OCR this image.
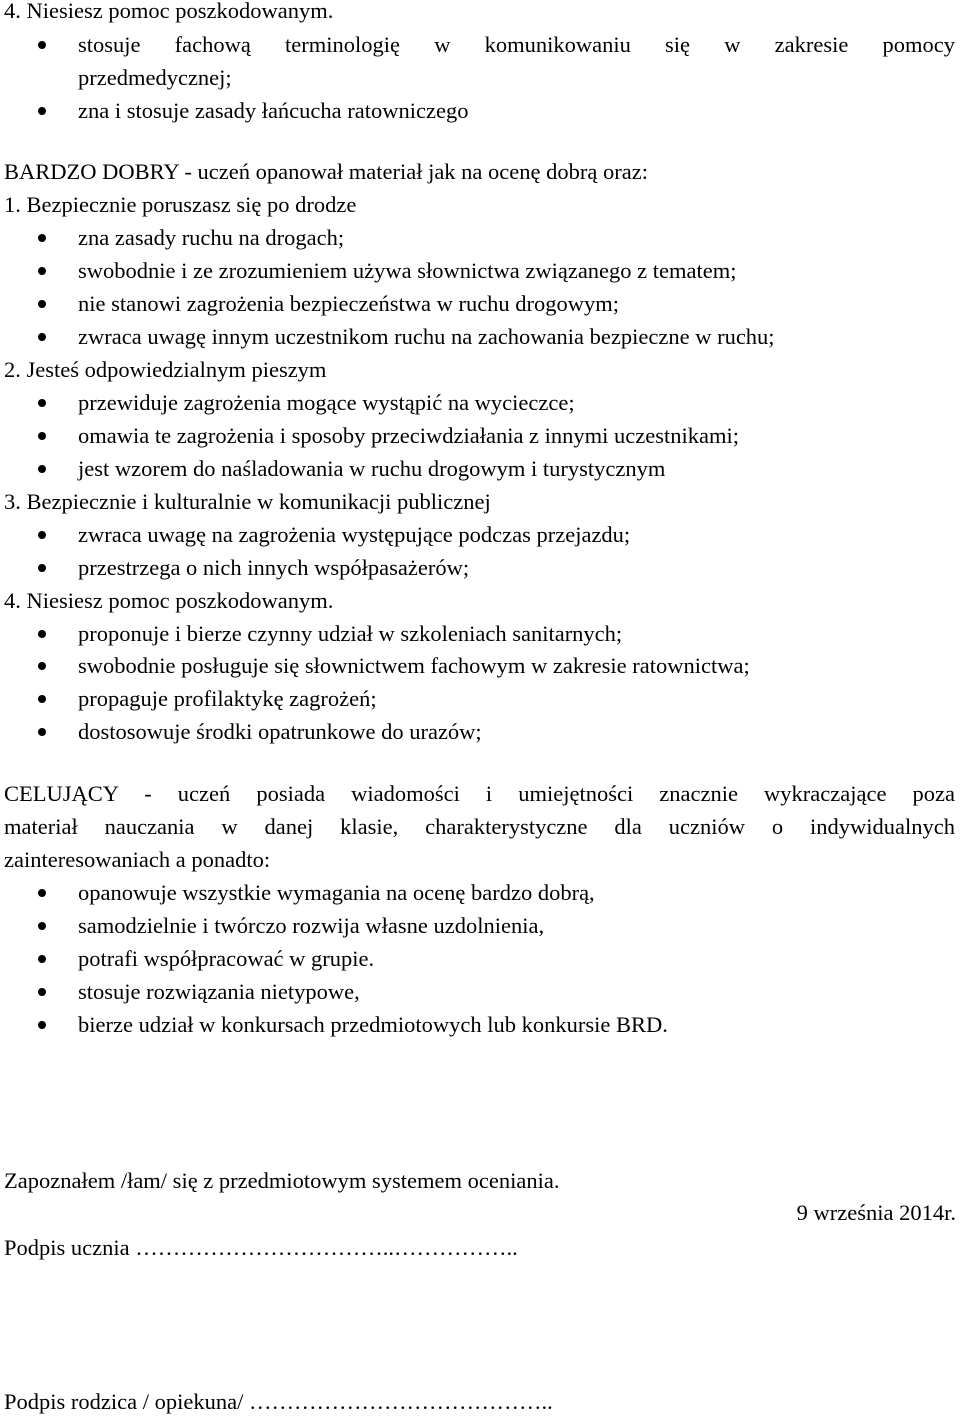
4. Niesiesz pomoc poszkodowanym.
stosuje fachową terminologię w komunikowaniu się w zakresie pomocy
przedmedycznej;
zna i stosuje zasady łańcucha ratowniczego
BARDZO DOBRY - uczeń opanował materiał jak na ocenę dobrą oraz:
1. Bezpiecznie poruszasz się po drodze
zna zasady ruchu na drogach;
swobodnie i ze zrozumieniem używa słownictwa związanego z tematem;
nie stanowi zagrożenia bezpieczeństwa w ruchu drogowym;
zwraca uwagę innym uczestnikom ruchu na zachowania bezpieczne w ruchu;
2. Jesteś odpowiedzialnym pieszym
przewiduje zagrożenia mogące wystąpić na wycieczce;
omawia te zagrożenia i sposoby przeciwdziałania z innymi uczestnikami;
jest wzorem do naśladowania w ruchu drogowym i turystycznym
3. Bezpiecznie i kulturalnie w komunikacji publicznej
zwraca uwagę na zagrożenia występujące podczas przejazdu;
przestrzega o nich innych współpasażerów;
4. Niesiesz pomoc poszkodowanym.
proponuje i bierze czynny udział w szkoleniach sanitarnych;
swobodnie posługuje się słownictwem fachowym w zakresie ratownictwa;
propaguje profilaktykę zagrożeń;
dostosowuje środki opatrunkowe do urazów;
CELUJĄCY - uczeń posiada wiadomości i umiejętności znacznie wykraczające poza
materiał nauczania w danej klasie, charakterystyczne dla uczniów o indywidualnych
zainteresowaniach a ponadto:
opanowuje wszystkie wymagania na ocenę bardzo dobrą,
samodzielnie i twórczo rozwija własne uzdolnienia,
potrafi współpracować w grupie.
stosuje rozwiązania nietypowe,
bierze udział w konkursach przedmiotowych lub konkursie BRD.
Zapoznałem /łam/ się z przedmiotowym systemem oceniania.
9 września 2014r.
Podpis ucznia ……………………………..……………..
Podpis rodzica / opiekuna/ …………………………………..
